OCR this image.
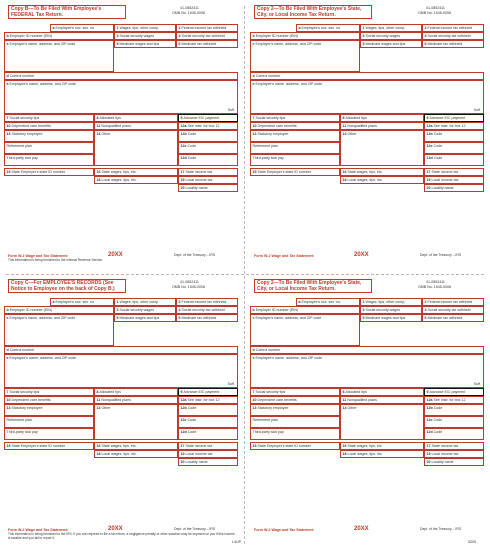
Copy B—To Be Filed With Employee's FEDERAL Tax Return.
41-0852411
OMB No. 1545-0008
aEmployee's soc. sec. no.	1Wages, tips, other comp.	2Federal income tax withheld
bEmployer ID number (EIN)	3Social security wages	4Social security tax withheld
cEmployer's name, address, and ZIP code	5Medicare wages and tips	6Medicare tax withheld
dControl number
eEmployee's name, address, and ZIP code
Suff.
7Social security tips	8Allocated tips	9Advance EIC payment
10Dependent care benefits	11Nonqualified plans	12aSee instr. for box 12
13Statutory employee	14Other
Retirement plan
Third-party sick pay
15State Employer's state ID number	16State wages, tips, etc.	17State income tax
18Local wages, tips, etc.	19Local income tax
20Locality name
12bCode
12cCode
12dCode
Form W-2 Wage and Tax Statement	20XX	Dept. of the Treasury – IRS
This information is being furnished to the Internal Revenue Service.
Copy 2—To Be Filed With Employee's State, City, or Local Income Tax Return.
41-0852411
OMB No. 1545-0008
aEmployee's soc. sec. no.	1Wages, tips, other comp.	2Federal income tax withheld
bEmployer ID number (EIN)	3Social security wages	4Social security tax withheld
cEmployer's name, address, and ZIP code	5Medicare wages and tips	6Medicare tax withheld
dControl number
eEmployee's name, address, and ZIP code
Suff.
7Social security tips	8Allocated tips	9Advance EIC payment
10Dependent care benefits	11Nonqualified plans	12aSee instr. for box 12
13Statutory employee	14Other
Retirement plan
Third-party sick pay
15State Employer's state ID number	16State wages, tips, etc.	17State income tax
18Local wages, tips, etc.	19Local income tax
20Locality name
12bCode
12cCode
12dCode
Form W-2 Wage and Tax Statement	20XX	Dept. of the Treasury – IRS
Copy C—For EMPLOYEE'S RECORDS (See Notice to Employee on the back of Copy B.)
41-0852411
OMB No. 1545-0008
aEmployee's soc. sec. no.	1Wages, tips, other comp.	2Federal income tax withheld
bEmployer ID number (EIN)	3Social security wages	4Social security tax withheld
cEmployer's name, address, and ZIP code	5Medicare wages and tips	6Medicare tax withheld
dControl number
eEmployee's name, address, and ZIP code
Suff.
7Social security tips	8Allocated tips	9Advance EIC payment
10Dependent care benefits	11Nonqualified plans	12aSee instr. for box 12
13Statutory employee	14Other
Retirement plan
Third-party sick pay
15State Employer's state ID number	16State wages, tips, etc.	17State income tax
18Local wages, tips, etc.	19Local income tax
20Locality name
12bCode
12cCode
12dCode
Form W-2 Wage and Tax Statement	20XX	Dept. of the Treasury – IRS
This information is being furnished to the IRS. If you are required to file a tax return, a negligence penalty or other sanction may be imposed on you if this income is taxable and you fail to report it.
Copy 2—To Be Filed With Employee's State, City, or Local Income Tax Return.
41-0852411
OMB No. 1545-0008
aEmployee's soc. sec. no.	1Wages, tips, other comp.	2Federal income tax withheld
bEmployer ID number (EIN)	3Social security wages	4Social security tax withheld
cEmployer's name, address, and ZIP code	5Medicare wages and tips	6Medicare tax withheld
dControl number
eEmployee's name, address, and ZIP code
Suff.
7Social security tips	8Allocated tips	9Advance EIC payment
10Dependent care benefits	11Nonqualified plans	12aSee instr. for box 12
13Statutory employee	14Other
Retirement plan
Third-party sick pay
15State Employer's state ID number	16State wages, tips, etc.	17State income tax
18Local wages, tips, etc.	19Local income tax
20Locality name
12bCode
12cCode
12dCode
Form W-2 Wage and Tax Statement	20XX	Dept. of the Treasury – IRS
L4UP	5205
